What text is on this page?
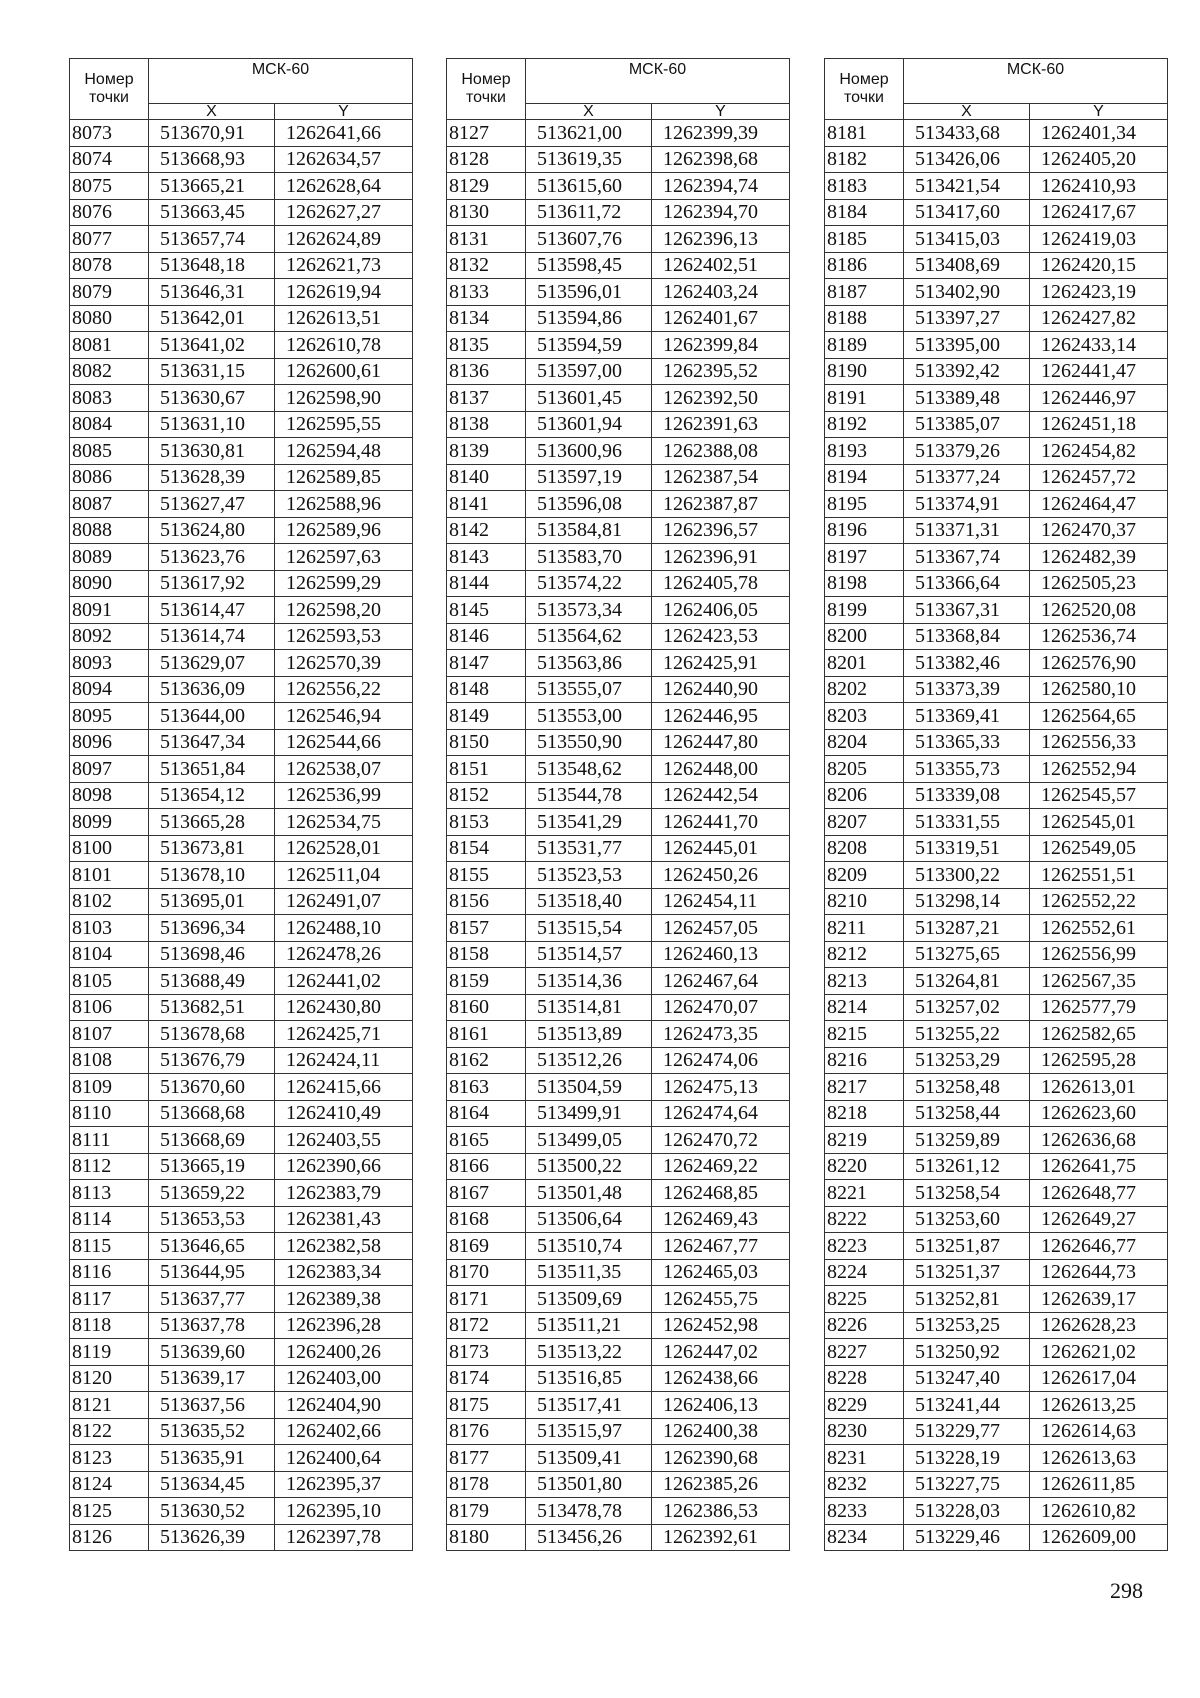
Номер
точки	МСК-60	
	X	Y
8073	513670,91	1262641,66
8074	513668,93	1262634,57
8075	513665,21	1262628,64
8076	513663,45	1262627,27
8077	513657,74	1262624,89
8078	513648,18	1262621,73
8079	513646,31	1262619,94
8080	513642,01	1262613,51
8081	513641,02	1262610,78
8082	513631,15	1262600,61
8083	513630,67	1262598,90
8084	513631,10	1262595,55
8085	513630,81	1262594,48
8086	513628,39	1262589,85
8087	513627,47	1262588,96
8088	513624,80	1262589,96
8089	513623,76	1262597,63
8090	513617,92	1262599,29
8091	513614,47	1262598,20
8092	513614,74	1262593,53
8093	513629,07	1262570,39
8094	513636,09	1262556,22
8095	513644,00	1262546,94
8096	513647,34	1262544,66
8097	513651,84	1262538,07
8098	513654,12	1262536,99
8099	513665,28	1262534,75
8100	513673,81	1262528,01
8101	513678,10	1262511,04
8102	513695,01	1262491,07
8103	513696,34	1262488,10
8104	513698,46	1262478,26
8105	513688,49	1262441,02
8106	513682,51	1262430,80
8107	513678,68	1262425,71
8108	513676,79	1262424,11
8109	513670,60	1262415,66
8110	513668,68	1262410,49
8111	513668,69	1262403,55
8112	513665,19	1262390,66
8113	513659,22	1262383,79
8114	513653,53	1262381,43
8115	513646,65	1262382,58
8116	513644,95	1262383,34
8117	513637,77	1262389,38
8118	513637,78	1262396,28
8119	513639,60	1262400,26
8120	513639,17	1262403,00
8121	513637,56	1262404,90
8122	513635,52	1262402,66
8123	513635,91	1262400,64
8124	513634,45	1262395,37
8125	513630,52	1262395,10
8126	513626,39	1262397,78
Номер
точки	МСК-60	
	X	Y
8127	513621,00	1262399,39
8128	513619,35	1262398,68
8129	513615,60	1262394,74
8130	513611,72	1262394,70
8131	513607,76	1262396,13
8132	513598,45	1262402,51
8133	513596,01	1262403,24
8134	513594,86	1262401,67
8135	513594,59	1262399,84
8136	513597,00	1262395,52
8137	513601,45	1262392,50
8138	513601,94	1262391,63
8139	513600,96	1262388,08
8140	513597,19	1262387,54
8141	513596,08	1262387,87
8142	513584,81	1262396,57
8143	513583,70	1262396,91
8144	513574,22	1262405,78
8145	513573,34	1262406,05
8146	513564,62	1262423,53
8147	513563,86	1262425,91
8148	513555,07	1262440,90
8149	513553,00	1262446,95
8150	513550,90	1262447,80
8151	513548,62	1262448,00
8152	513544,78	1262442,54
8153	513541,29	1262441,70
8154	513531,77	1262445,01
8155	513523,53	1262450,26
8156	513518,40	1262454,11
8157	513515,54	1262457,05
8158	513514,57	1262460,13
8159	513514,36	1262467,64
8160	513514,81	1262470,07
8161	513513,89	1262473,35
8162	513512,26	1262474,06
8163	513504,59	1262475,13
8164	513499,91	1262474,64
8165	513499,05	1262470,72
8166	513500,22	1262469,22
8167	513501,48	1262468,85
8168	513506,64	1262469,43
8169	513510,74	1262467,77
8170	513511,35	1262465,03
8171	513509,69	1262455,75
8172	513511,21	1262452,98
8173	513513,22	1262447,02
8174	513516,85	1262438,66
8175	513517,41	1262406,13
8176	513515,97	1262400,38
8177	513509,41	1262390,68
8178	513501,80	1262385,26
8179	513478,78	1262386,53
8180	513456,26	1262392,61
Номер
точки	МСК-60	
	X	Y
8181	513433,68	1262401,34
8182	513426,06	1262405,20
8183	513421,54	1262410,93
8184	513417,60	1262417,67
8185	513415,03	1262419,03
8186	513408,69	1262420,15
8187	513402,90	1262423,19
8188	513397,27	1262427,82
8189	513395,00	1262433,14
8190	513392,42	1262441,47
8191	513389,48	1262446,97
8192	513385,07	1262451,18
8193	513379,26	1262454,82
8194	513377,24	1262457,72
8195	513374,91	1262464,47
8196	513371,31	1262470,37
8197	513367,74	1262482,39
8198	513366,64	1262505,23
8199	513367,31	1262520,08
8200	513368,84	1262536,74
8201	513382,46	1262576,90
8202	513373,39	1262580,10
8203	513369,41	1262564,65
8204	513365,33	1262556,33
8205	513355,73	1262552,94
8206	513339,08	1262545,57
8207	513331,55	1262545,01
8208	513319,51	1262549,05
8209	513300,22	1262551,51
8210	513298,14	1262552,22
8211	513287,21	1262552,61
8212	513275,65	1262556,99
8213	513264,81	1262567,35
8214	513257,02	1262577,79
8215	513255,22	1262582,65
8216	513253,29	1262595,28
8217	513258,48	1262613,01
8218	513258,44	1262623,60
8219	513259,89	1262636,68
8220	513261,12	1262641,75
8221	513258,54	1262648,77
8222	513253,60	1262649,27
8223	513251,87	1262646,77
8224	513251,37	1262644,73
8225	513252,81	1262639,17
8226	513253,25	1262628,23
8227	513250,92	1262621,02
8228	513247,40	1262617,04
8229	513241,44	1262613,25
8230	513229,77	1262614,63
8231	513228,19	1262613,63
8232	513227,75	1262611,85
8233	513228,03	1262610,82
8234	513229,46	1262609,00
298
